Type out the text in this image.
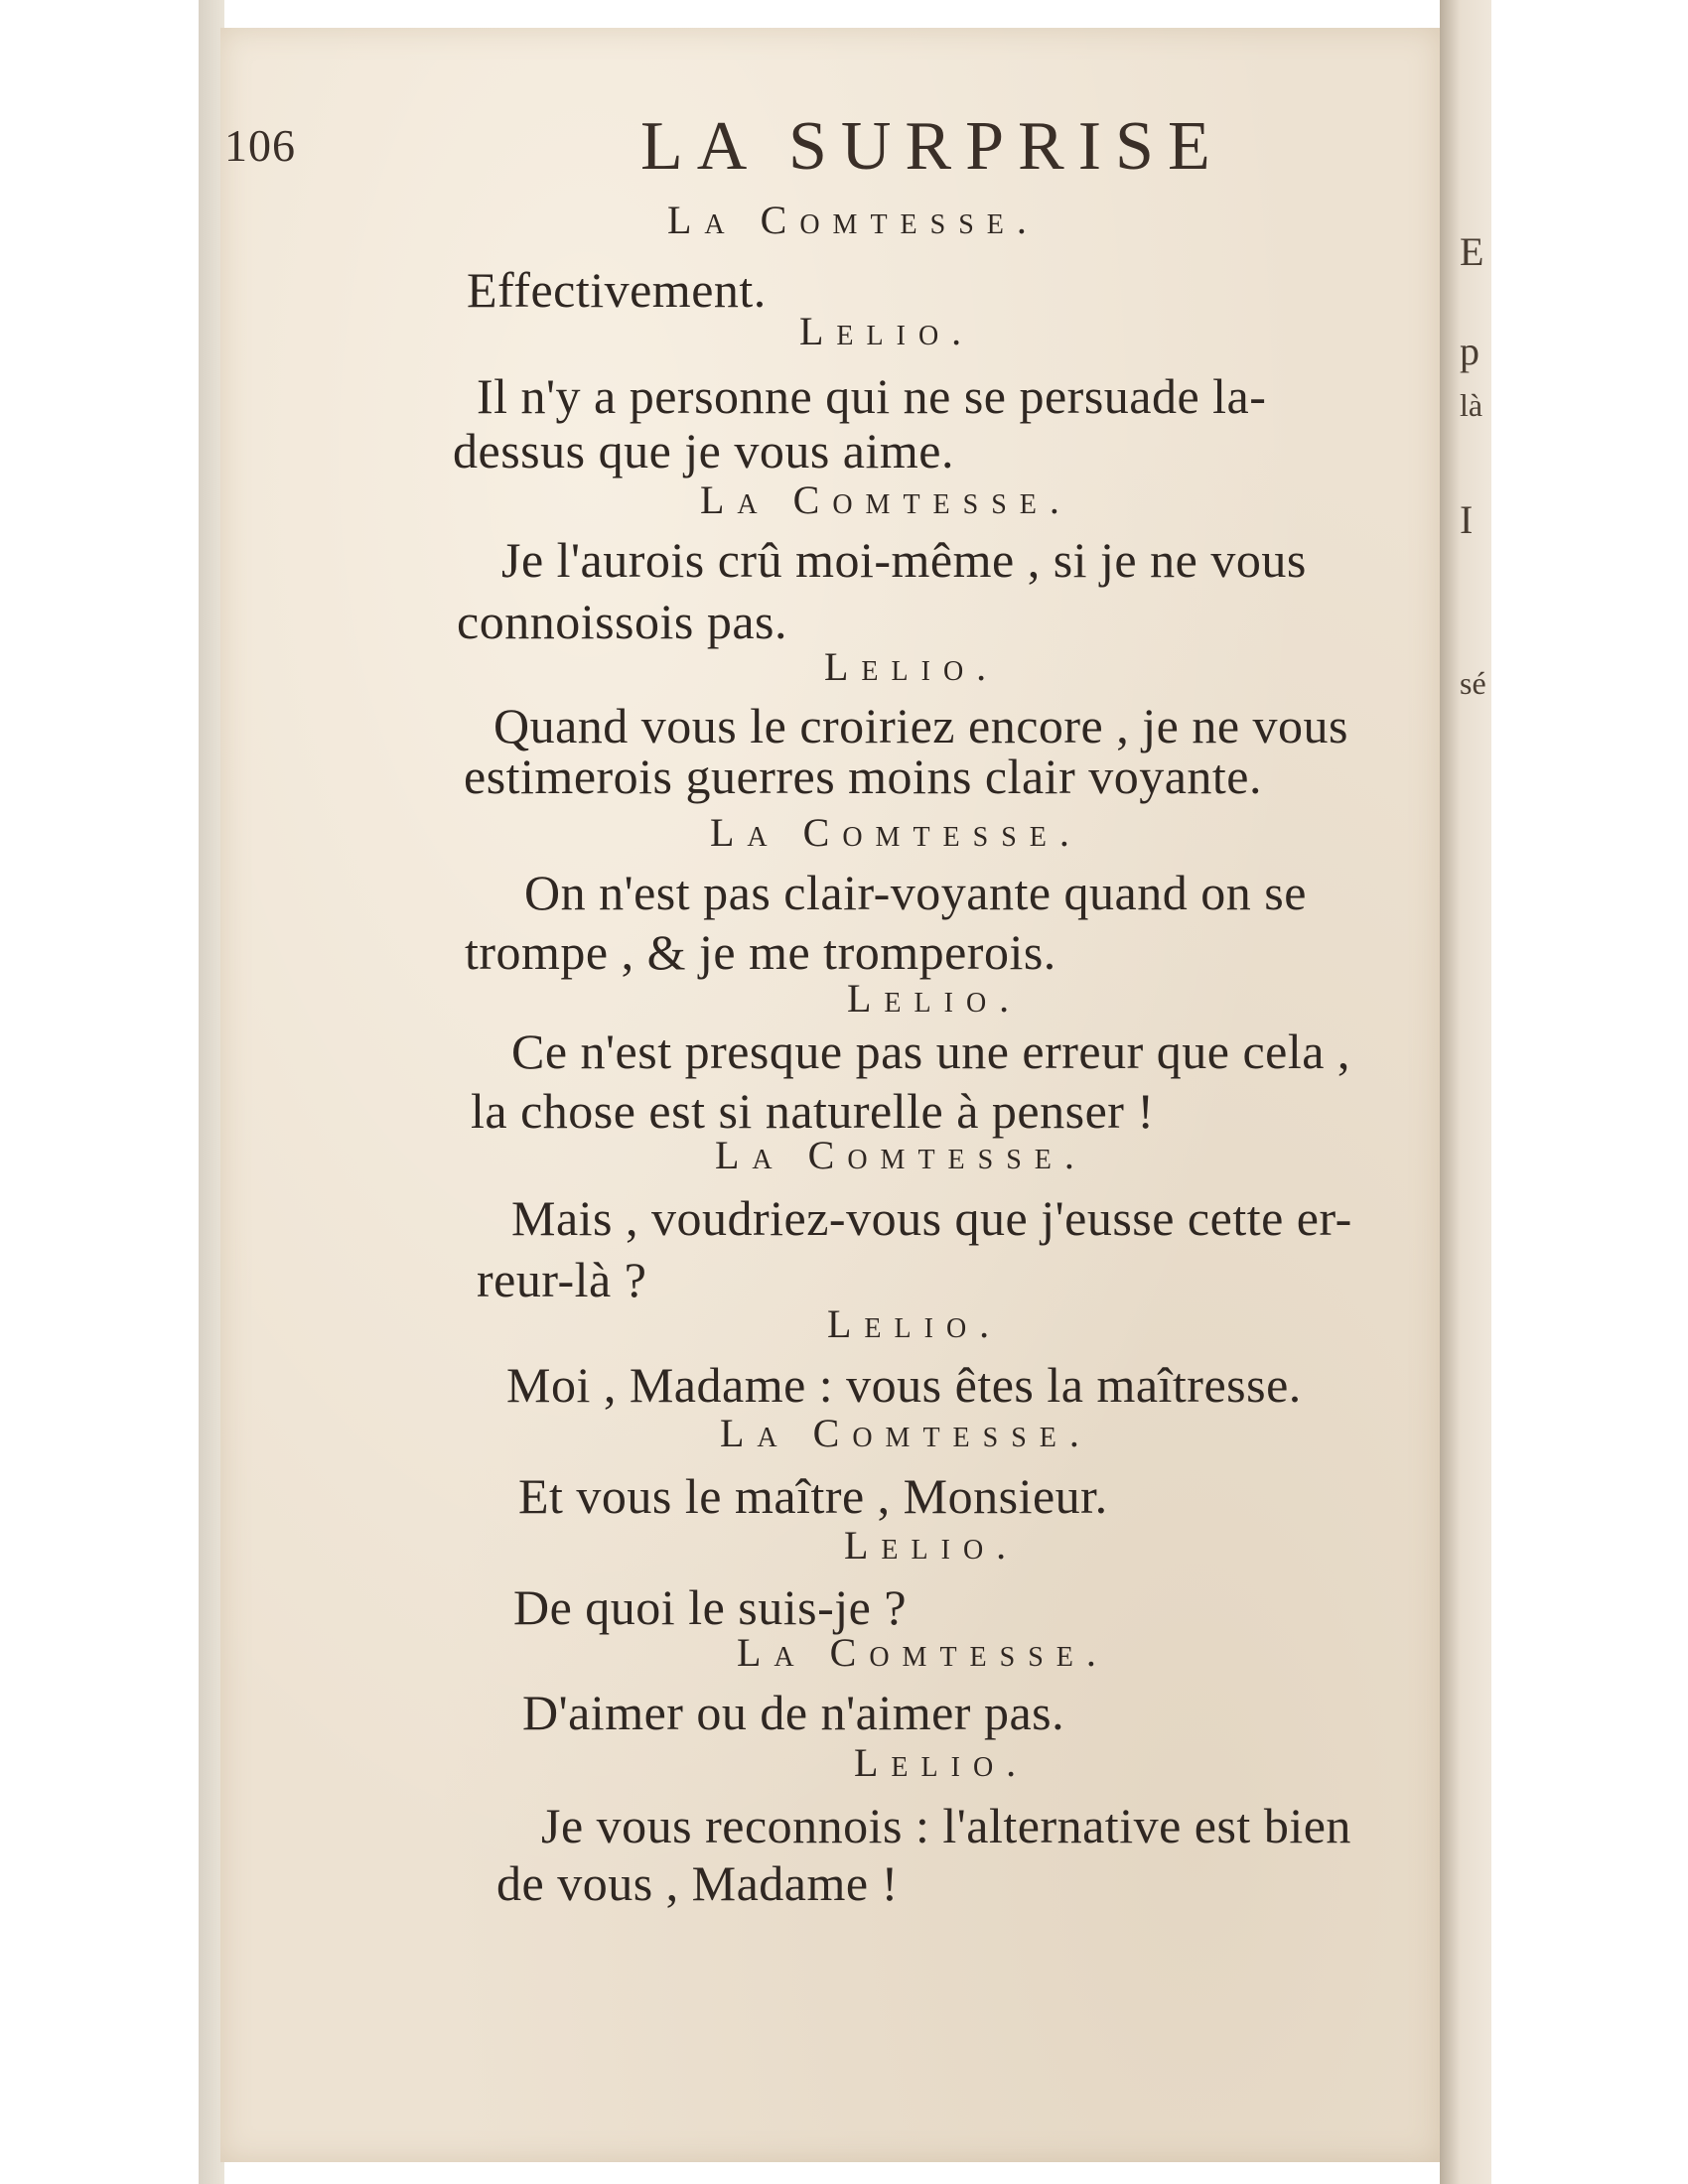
E
p
là
I
sé
106	LA SURPRISE
La Comtesse.
Effectivement.
Lelio.
Il n'y a personne qui ne se persuade la-
dessus que je vous aime.
La Comtesse.
Je l'aurois crû moi-même , si je ne vous
connoissois pas.
Lelio.
Quand vous le croiriez encore , je ne vous
estimerois guerres moins clair voyante.
La Comtesse.
On n'est pas clair-voyante quand on se
trompe , & je me tromperois.
Lelio.
Ce n'est presque pas une erreur que cela ,
la chose est si naturelle à penser !
La Comtesse.
Mais , voudriez-vous que j'eusse cette er-
reur-là ?
Lelio.
Moi , Madame : vous êtes la maîtresse.
La Comtesse.
Et vous le maître , Monsieur.
Lelio.
De quoi le suis-je ?
La Comtesse.
D'aimer ou de n'aimer pas.
Lelio.
Je vous reconnois : l'alternative est bien
de vous , Madame !
